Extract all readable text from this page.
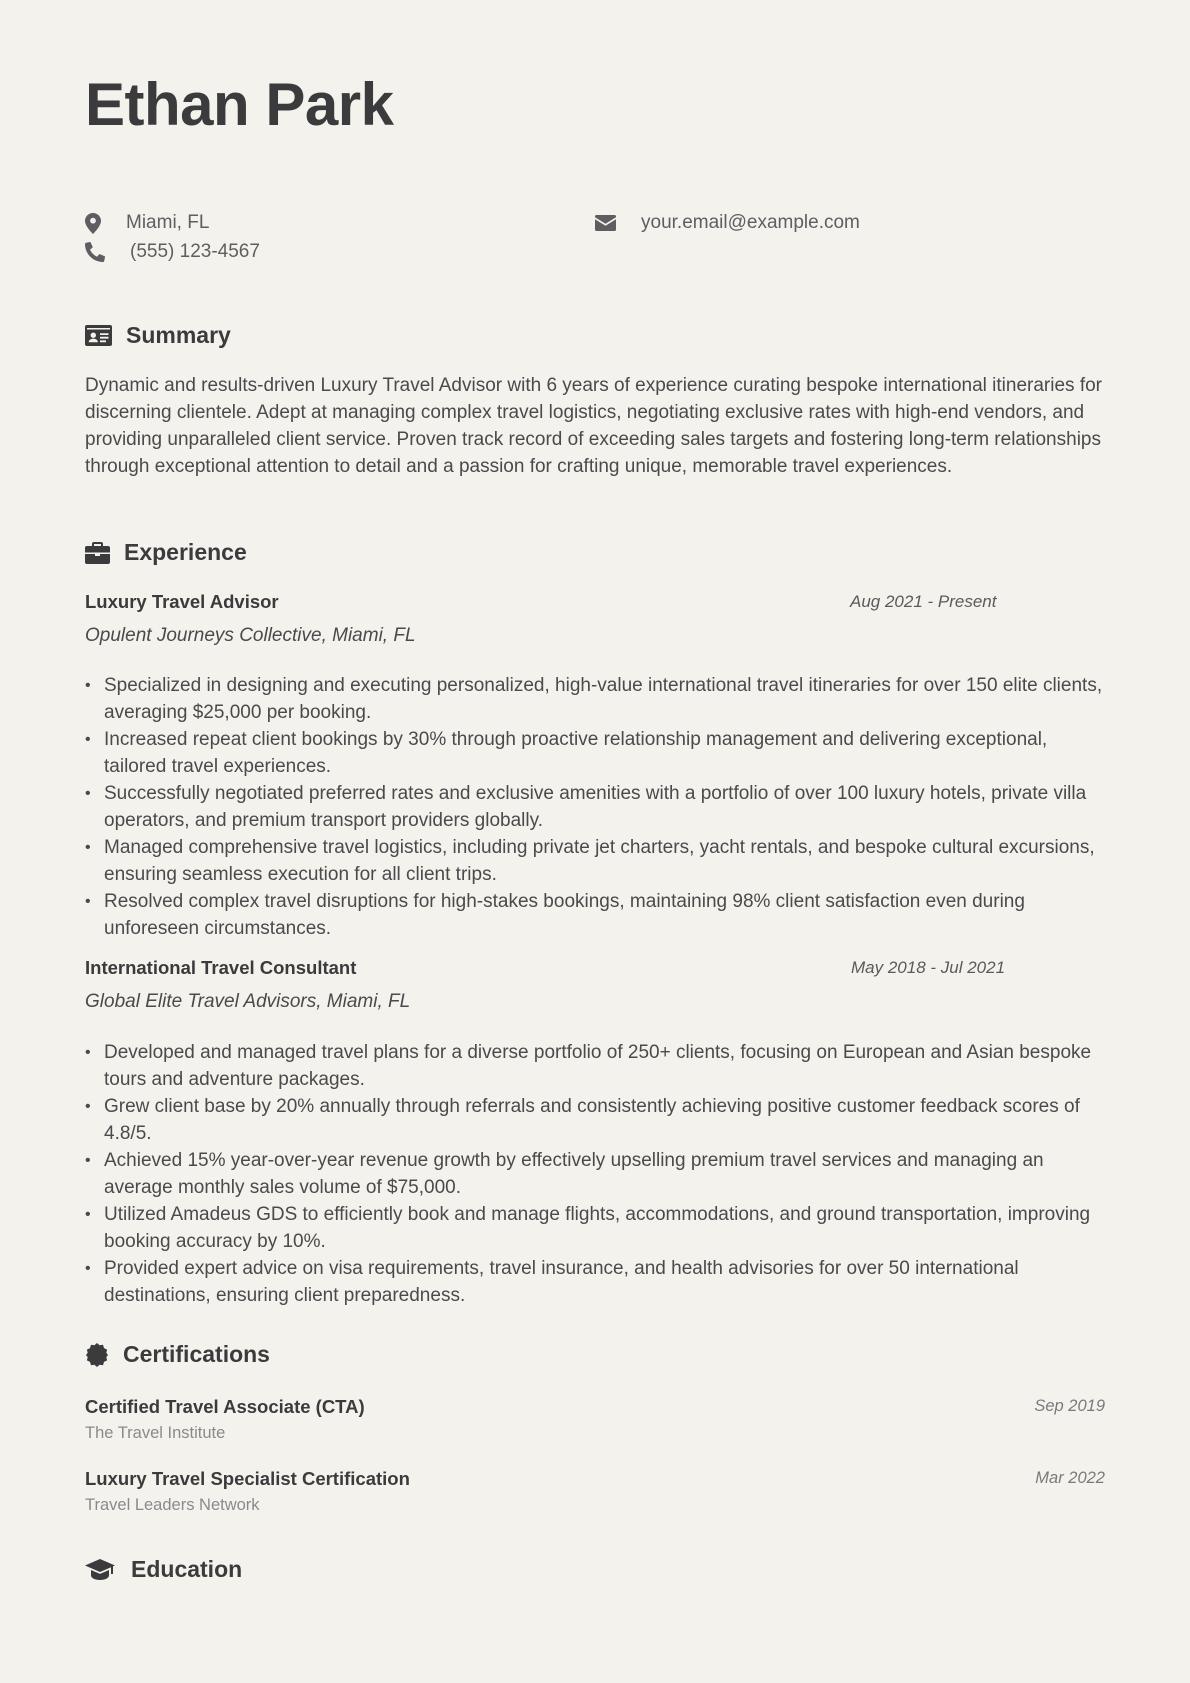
Ethan Park
Miami, FL	your.email@example.com
(555) 123-4567
Summary

Dynamic and results-driven Luxury Travel Advisor with 6 years of experience curating bespoke international itineraries for discerning clientele. Adept at managing complex travel logistics, negotiating exclusive rates with high-end vendors, and providing unparalleled client service. Proven track record of exceeding sales targets and fostering long-term relationships through exceptional attention to detail and a passion for crafting unique, memorable travel experiences.

Experience
Luxury Travel Advisor	Aug 2021 - Present
Opulent Journeys Collective, Miami, FL
• Specialized in designing and executing personalized, high-value international travel itineraries for over 150 elite clients, averaging $25,000 per booking.
• Increased repeat client bookings by 30% through proactive relationship management and delivering exceptional, tailored travel experiences.
• Successfully negotiated preferred rates and exclusive amenities with a portfolio of over 100 luxury hotels, private villa operators, and premium transport providers globally.
• Managed comprehensive travel logistics, including private jet charters, yacht rentals, and bespoke cultural excursions, ensuring seamless execution for all client trips.
• Resolved complex travel disruptions for high-stakes bookings, maintaining 98% client satisfaction even during unforeseen circumstances.
International Travel Consultant	May 2018 - Jul 2021
Global Elite Travel Advisors, Miami, FL
• Developed and managed travel plans for a diverse portfolio of 250+ clients, focusing on European and Asian bespoke tours and adventure packages.
• Grew client base by 20% annually through referrals and consistently achieving positive customer feedback scores of 4.8/5.
• Achieved 15% year-over-year revenue growth by effectively upselling premium travel services and managing an average monthly sales volume of $75,000.
• Utilized Amadeus GDS to efficiently book and manage flights, accommodations, and ground transportation, improving booking accuracy by 10%.
• Provided expert advice on visa requirements, travel insurance, and health advisories for over 50 international destinations, ensuring client preparedness.
Certifications
Certified Travel Associate (CTA)	Sep 2019
The Travel Institute
Luxury Travel Specialist Certification	Mar 2022
Travel Leaders Network
Education
